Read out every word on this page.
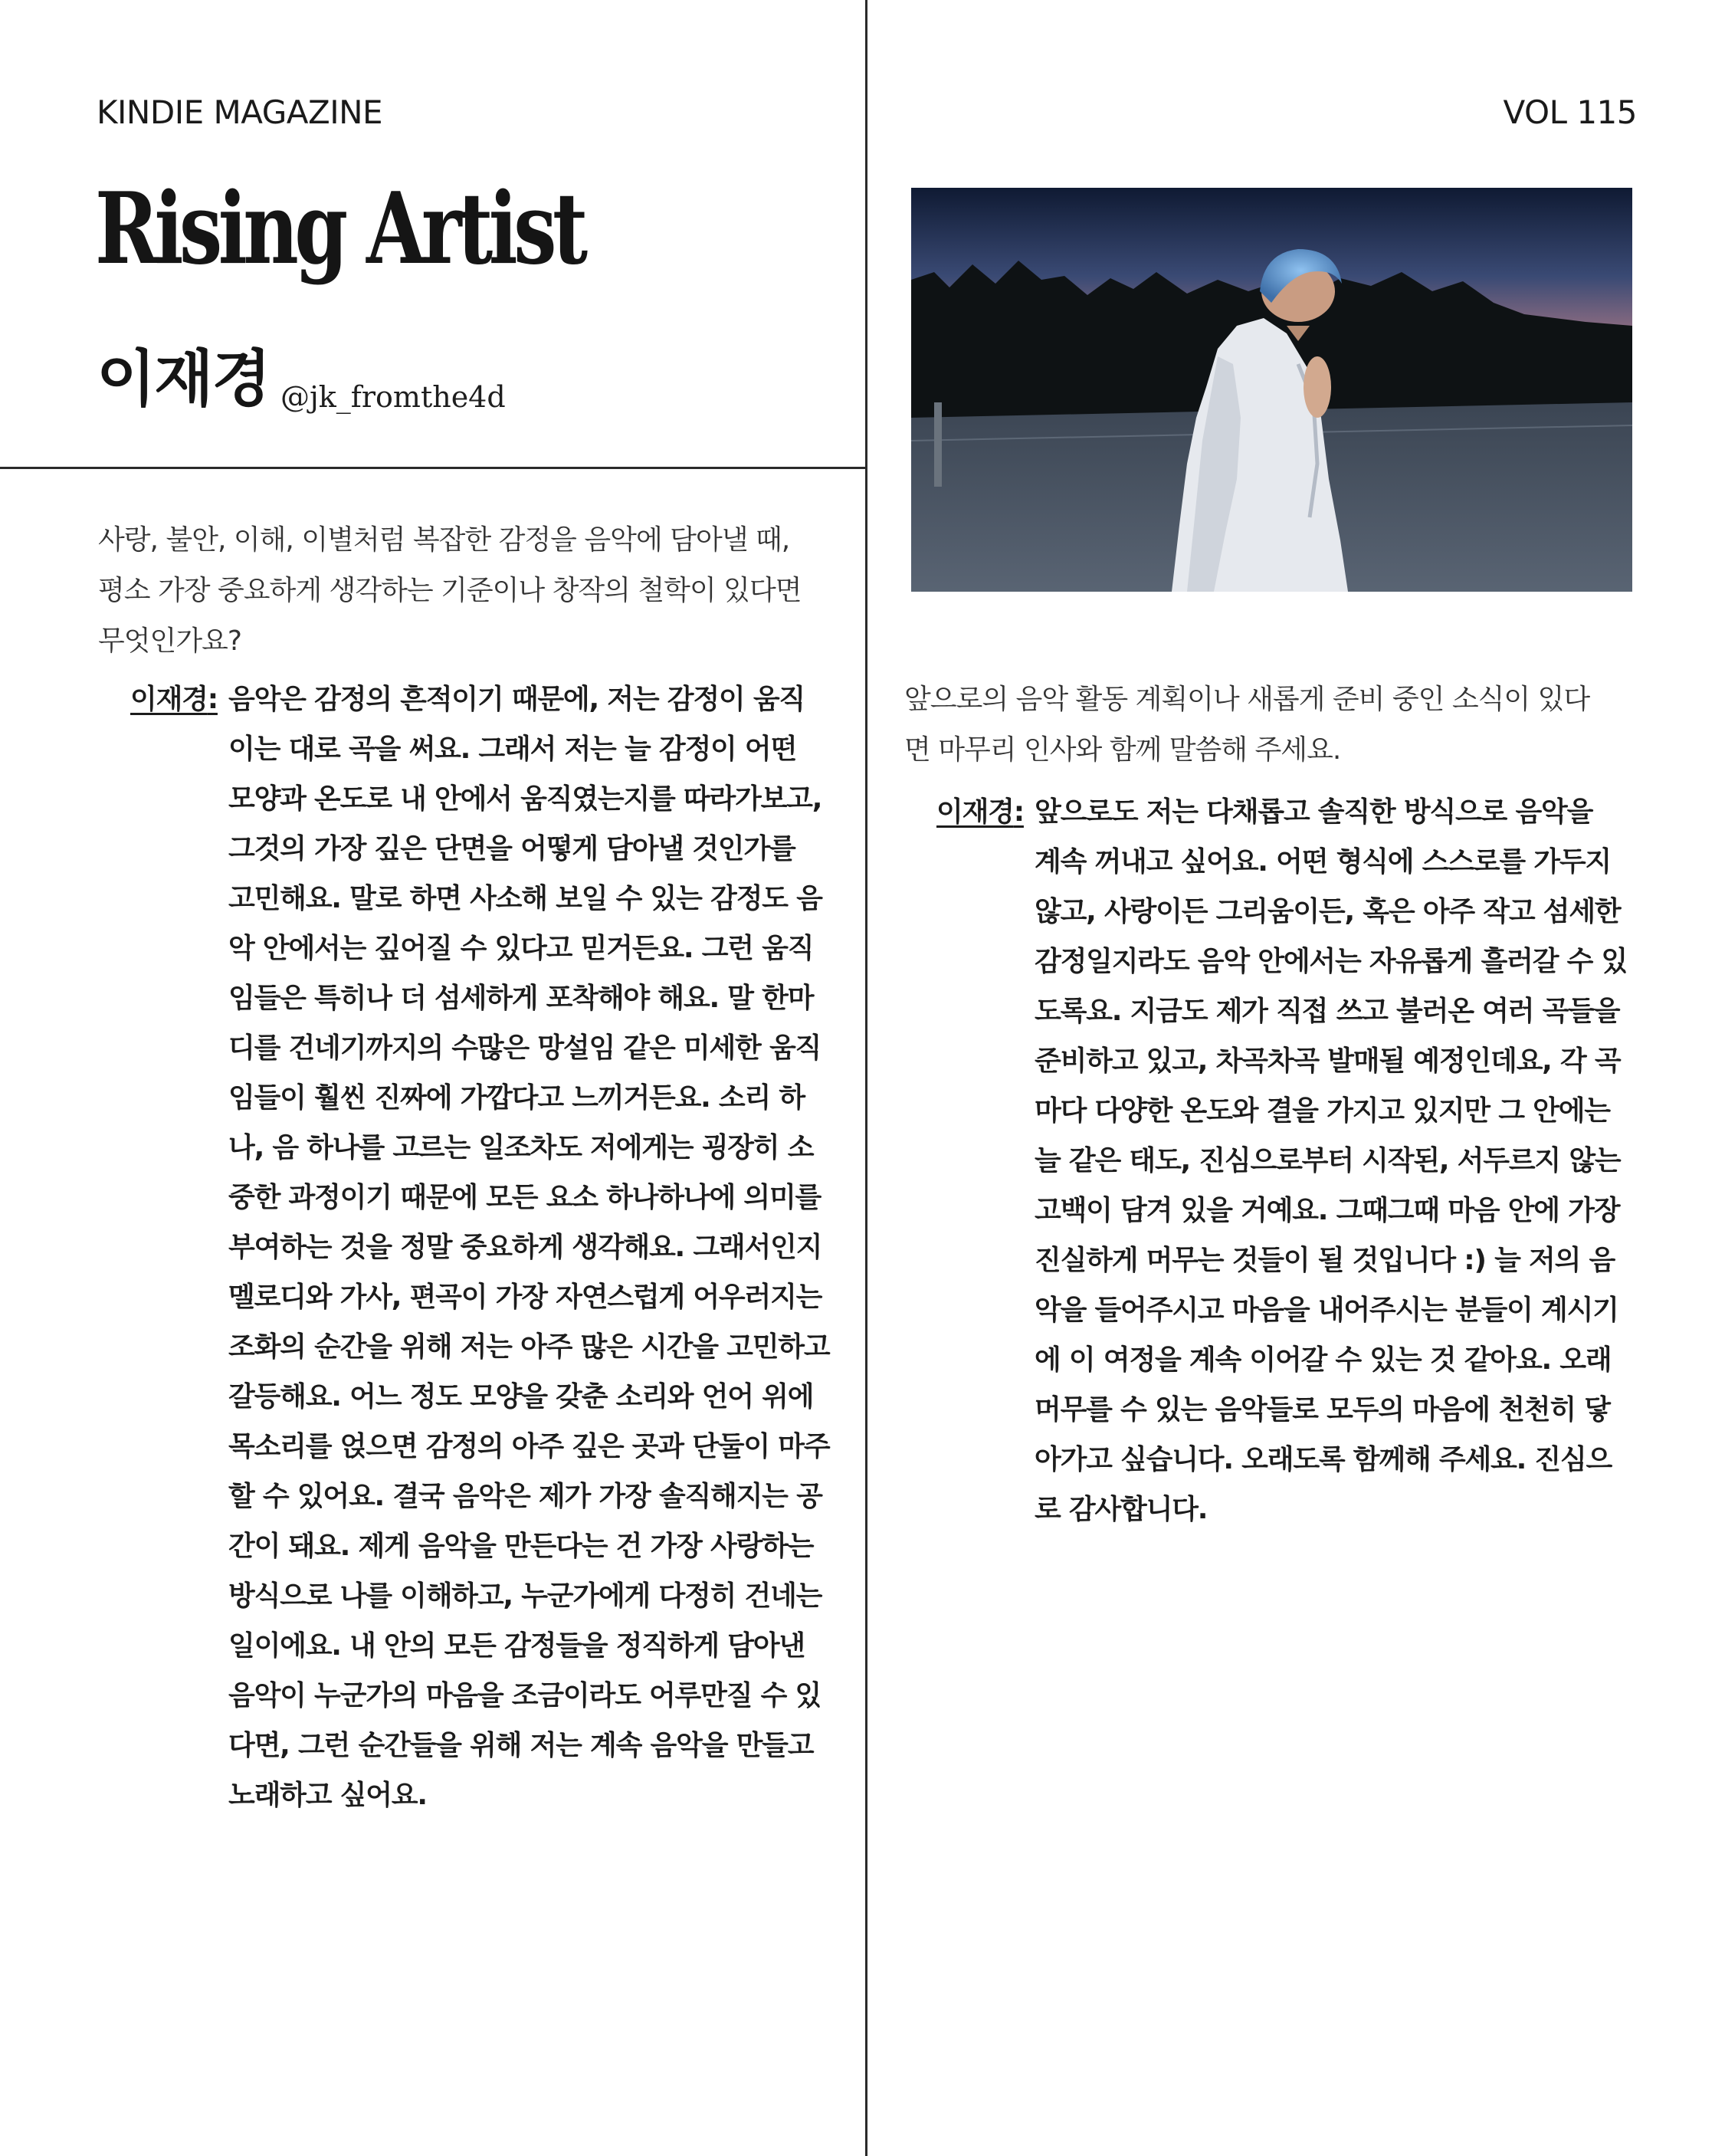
KINDIE MAGAZINE	VOL 115
Rising Artist
이재경 @jk_fromthe4d
사랑, 불안, 이해, 이별처럼 복잡한 감정을 음악에 담아낼 때,
평소 가장 중요하게 생각하는 기준이나 창작의 철학이 있다면
무엇인가요?
이재경 : 음악은 감정의 흔적이기 때문에, 저는 감정이 움직
이는 대로 곡을 써요. 그래서 저는 늘 감정이 어떤
모양과 온도로 내 안에서 움직였는지를 따라가보고,
그것의 가장 깊은 단면을 어떻게 담아낼 것인가를
고민해요. 말로 하면 사소해 보일 수 있는 감정도 음
악 안에서는 깊어질 수 있다고 믿거든요. 그런 움직
임들은 특히나 더 섬세하게 포착해야 해요. 말 한마
디를 건네기까지의 수많은 망설임 같은 미세한 움직
임들이 훨씬 진짜에 가깝다고 느끼거든요. 소리 하
나, 음 하나를 고르는 일조차도 저에게는 굉장히 소
중한 과정이기 때문에 모든 요소 하나하나에 의미를
부여하는 것을 정말 중요하게 생각해요. 그래서인지
멜로디와 가사, 편곡이 가장 자연스럽게 어우러지는
조화의 순간을 위해 저는 아주 많은 시간을 고민하고
갈등해요. 어느 정도 모양을 갖춘 소리와 언어 위에
목소리를 얹으면 감정의 아주 깊은 곳과 단둘이 마주
할 수 있어요. 결국 음악은 제가 가장 솔직해지는 공
간이 돼요. 제게 음악을 만든다는 건 가장 사랑하는
방식으로 나를 이해하고, 누군가에게 다정히 건네는
일이에요. 내 안의 모든 감정들을 정직하게 담아낸
음악이 누군가의 마음을 조금이라도 어루만질 수 있
다면, 그런 순간들을 위해 저는 계속 음악을 만들고
노래하고 싶어요.
앞으로의 음악 활동 계획이나 새롭게 준비 중인 소식이 있다
면 마무리 인사와 함께 말씀해 주세요.
이재경 : 앞으로도 저는 다채롭고 솔직한 방식으로 음악을
계속 꺼내고 싶어요. 어떤 형식에 스스로를 가두지
않고, 사랑이든 그리움이든, 혹은 아주 작고 섬세한
감정일지라도 음악 안에서는 자유롭게 흘러갈 수 있
도록요. 지금도 제가 직접 쓰고 불러온 여러 곡들을
준비하고 있고, 차곡차곡 발매될 예정인데요, 각 곡
마다 다양한 온도와 결을 가지고 있지만 그 안에는
늘 같은 태도, 진심으로부터 시작된, 서두르지 않는
고백이 담겨 있을 거예요. 그때그때 마음 안에 가장
진실하게 머무는 것들이 될 것입니다 :) 늘 저의 음
악을 들어주시고 마음을 내어주시는 분들이 계시기
에 이 여정을 계속 이어갈 수 있는 것 같아요. 오래
머무를 수 있는 음악들로 모두의 마음에 천천히 닿
아가고 싶습니다. 오래도록 함께해 주세요. 진심으
로 감사합니다.
